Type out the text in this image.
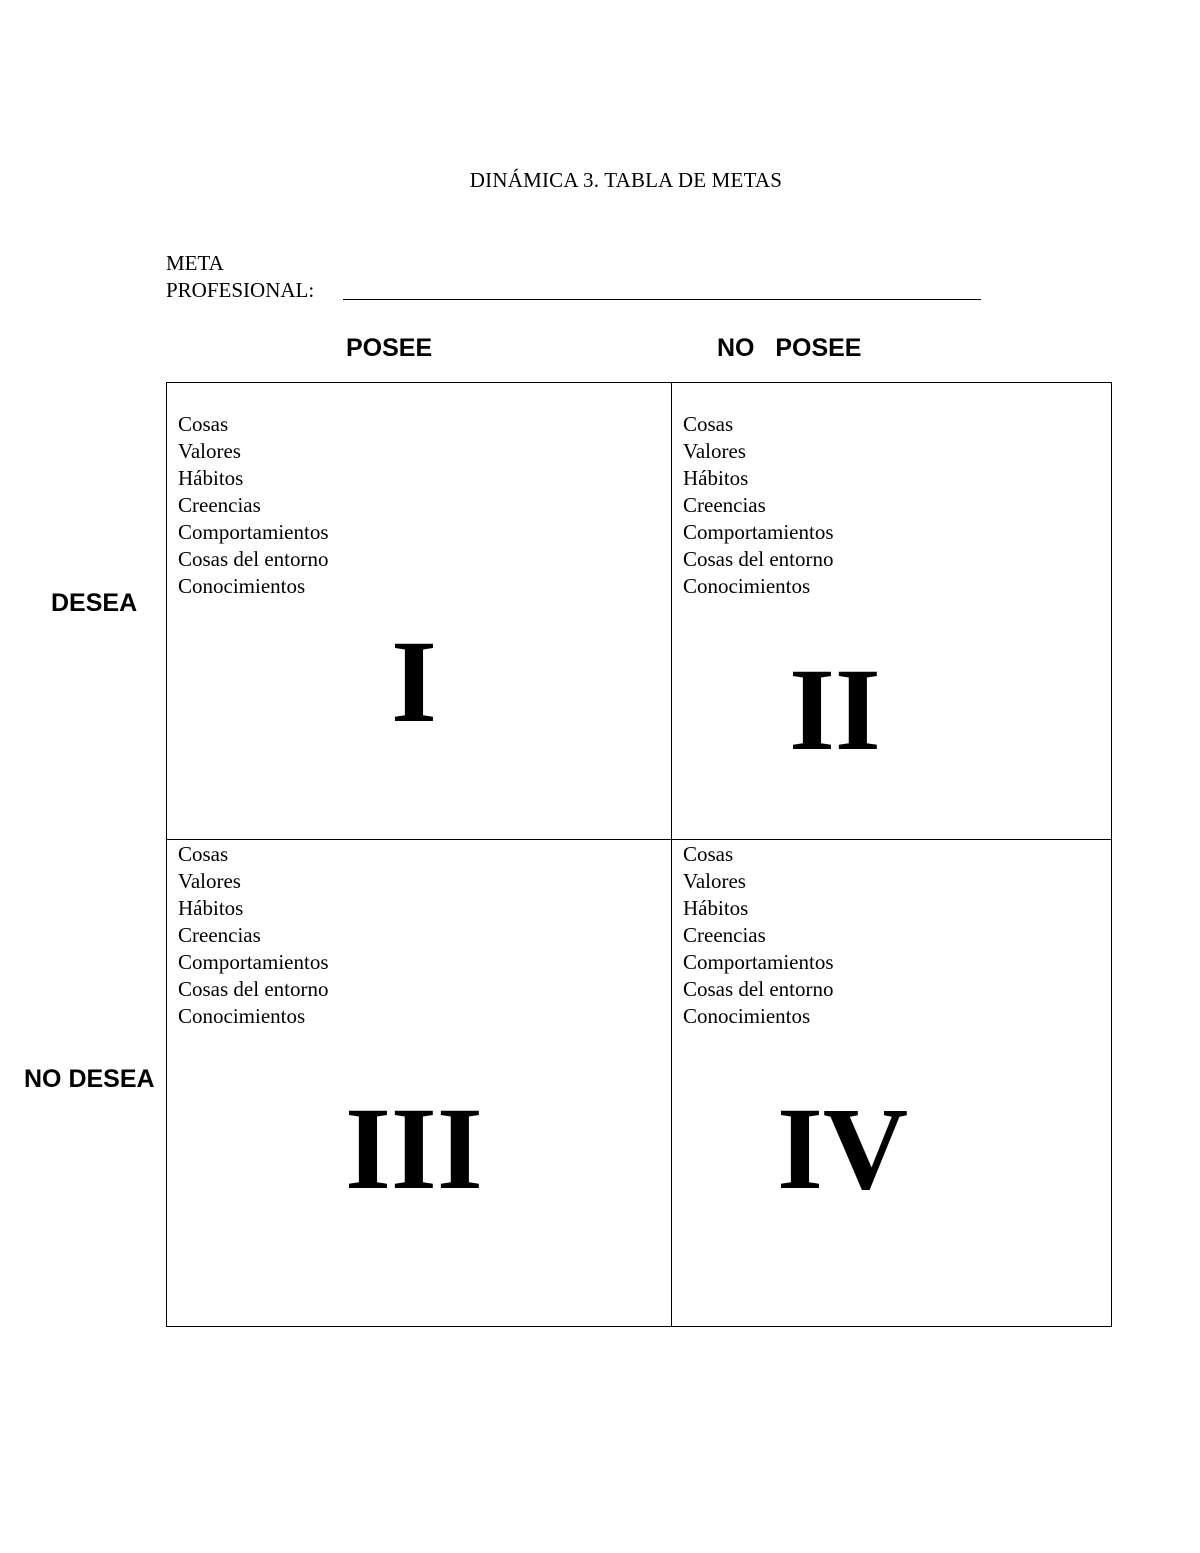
DINÁMICA 3. TABLA DE METAS
META
PROFESIONAL:
POSEE	NO   POSEE
DESEA
NO DESEA
Cosas
Valores
Hábitos
Creencias
Comportamientos
Cosas del entorno
Conocimientos
I
Cosas
Valores
Hábitos
Creencias
Comportamientos
Cosas del entorno
Conocimientos
II
Cosas
Valores
Hábitos
Creencias
Comportamientos
Cosas del entorno
Conocimientos
III
Cosas
Valores
Hábitos
Creencias
Comportamientos
Cosas del entorno
Conocimientos
IV
